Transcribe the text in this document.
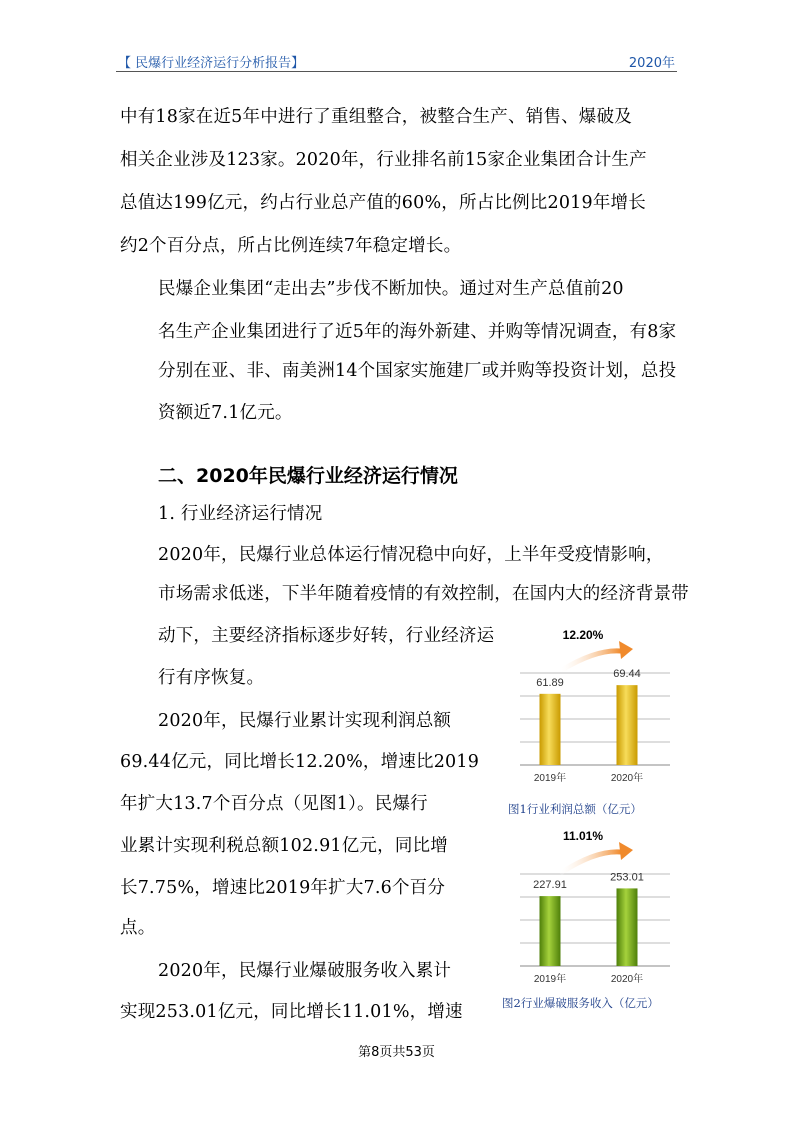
【 民爆行业经济运行分析报告】	2020年
中有18家在近5年中进行了重组整合，被整合生产、销售、爆破及
相关企业涉及123家。2020年，行业排名前15家企业集团合计生产
总值达199亿元，约占行业总产值的60%，所占比例比2019年增长
约2个百分点，所占比例连续7年稳定增长。
民爆企业集团“走出去”步伐不断加快。通过对生产总值前20
名生产企业集团进行了近5年的海外新建、并购等情况调查，有8家
分别在亚、非、南美洲14个国家实施建厂或并购等投资计划，总投
资额近7.1亿元。
二、2020年民爆行业经济运行情况
1. 行业经济运行情况
2020年，民爆行业总体运行情况稳中向好，上半年受疫情影响，
市场需求低迷，下半年随着疫情的有效控制，在国内大的经济背景带
动下，主要经济指标逐步好转，行业经济运
行有序恢复。
2020年，民爆行业累计实现利润总额
69.44亿元，同比增长12.20%，增速比2019
年扩大13.7个百分点（见图1）。民爆行
业累计实现利税总额102.91亿元，同比增
长7.75%，增速比2019年扩大7.6个百分
点。
2020年，民爆行业爆破服务收入累计
实现253.01亿元，同比增长11.01%，增速
61.89
2019年
69.44
2020年
12.20%
图1行业利润总额（亿元）
227.91
2019年
253.01
2020年
11.01%
图2行业爆破服务收入（亿元）
第8页共53页
